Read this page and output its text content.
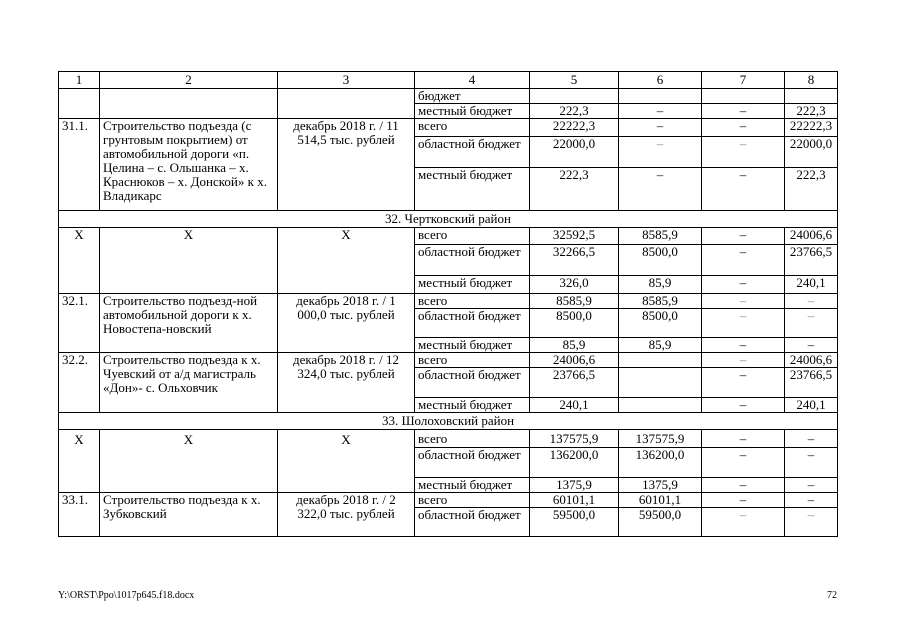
1	2	3	4	5	6	7	8
			бюджет				
			местный бюджет	222,3	–	–	222,3
31.1.	Строительство подъезда (с грунтовым покрытием) от автомобильной дороги «п. Целина – с. Ольшанка – х. Краснюков – х. Донской» к х. Владикарс	декабрь 2018 г. / 11 514,5 тыс. рублей	всего	22222,3	–	–	22222,3
			областной бюджет	22000,0	–	–	22000,0
			местный бюджет	222,3	–	–	222,3
32. Чертковский район							
Х	Х	Х	всего	32592,5	8585,9	–	24006,6
			областной бюджет	32266,5	8500,0	–	23766,5
			местный бюджет	326,0	85,9	–	240,1
32.1.	Строительство подъезд-ной автомобильной дороги к х. Новостепа-новский	декабрь 2018 г. / 1 000,0 тыс. рублей	всего	8585,9	8585,9	–	–
			областной бюджет	8500,0	8500,0	–	–
			местный бюджет	85,9	85,9	–	–
32.2.	Строительство подъезда к х. Чуевский от а/д магистраль «Дон»- с. Ольховчик	декабрь 2018 г. / 12 324,0 тыс. рублей	всего	24006,6		–	24006,6
			областной бюджет	23766,5		–	23766,5
			местный бюджет	240,1		–	240,1
33. Шолоховский район							
Х	Х	Х	всего	137575,9	137575,9	–	–
			областной бюджет	136200,0	136200,0	–	–
			местный бюджет	1375,9	1375,9	–	–
33.1.	Строительство подъезда к х. Зубковский	декабрь 2018 г. / 2 322,0 тыс. рублей	всего	60101,1	60101,1	–	–
			областной бюджет	59500,0	59500,0	–	–
Y:\ORST\Ppo\1017p645.f18.docx	72
